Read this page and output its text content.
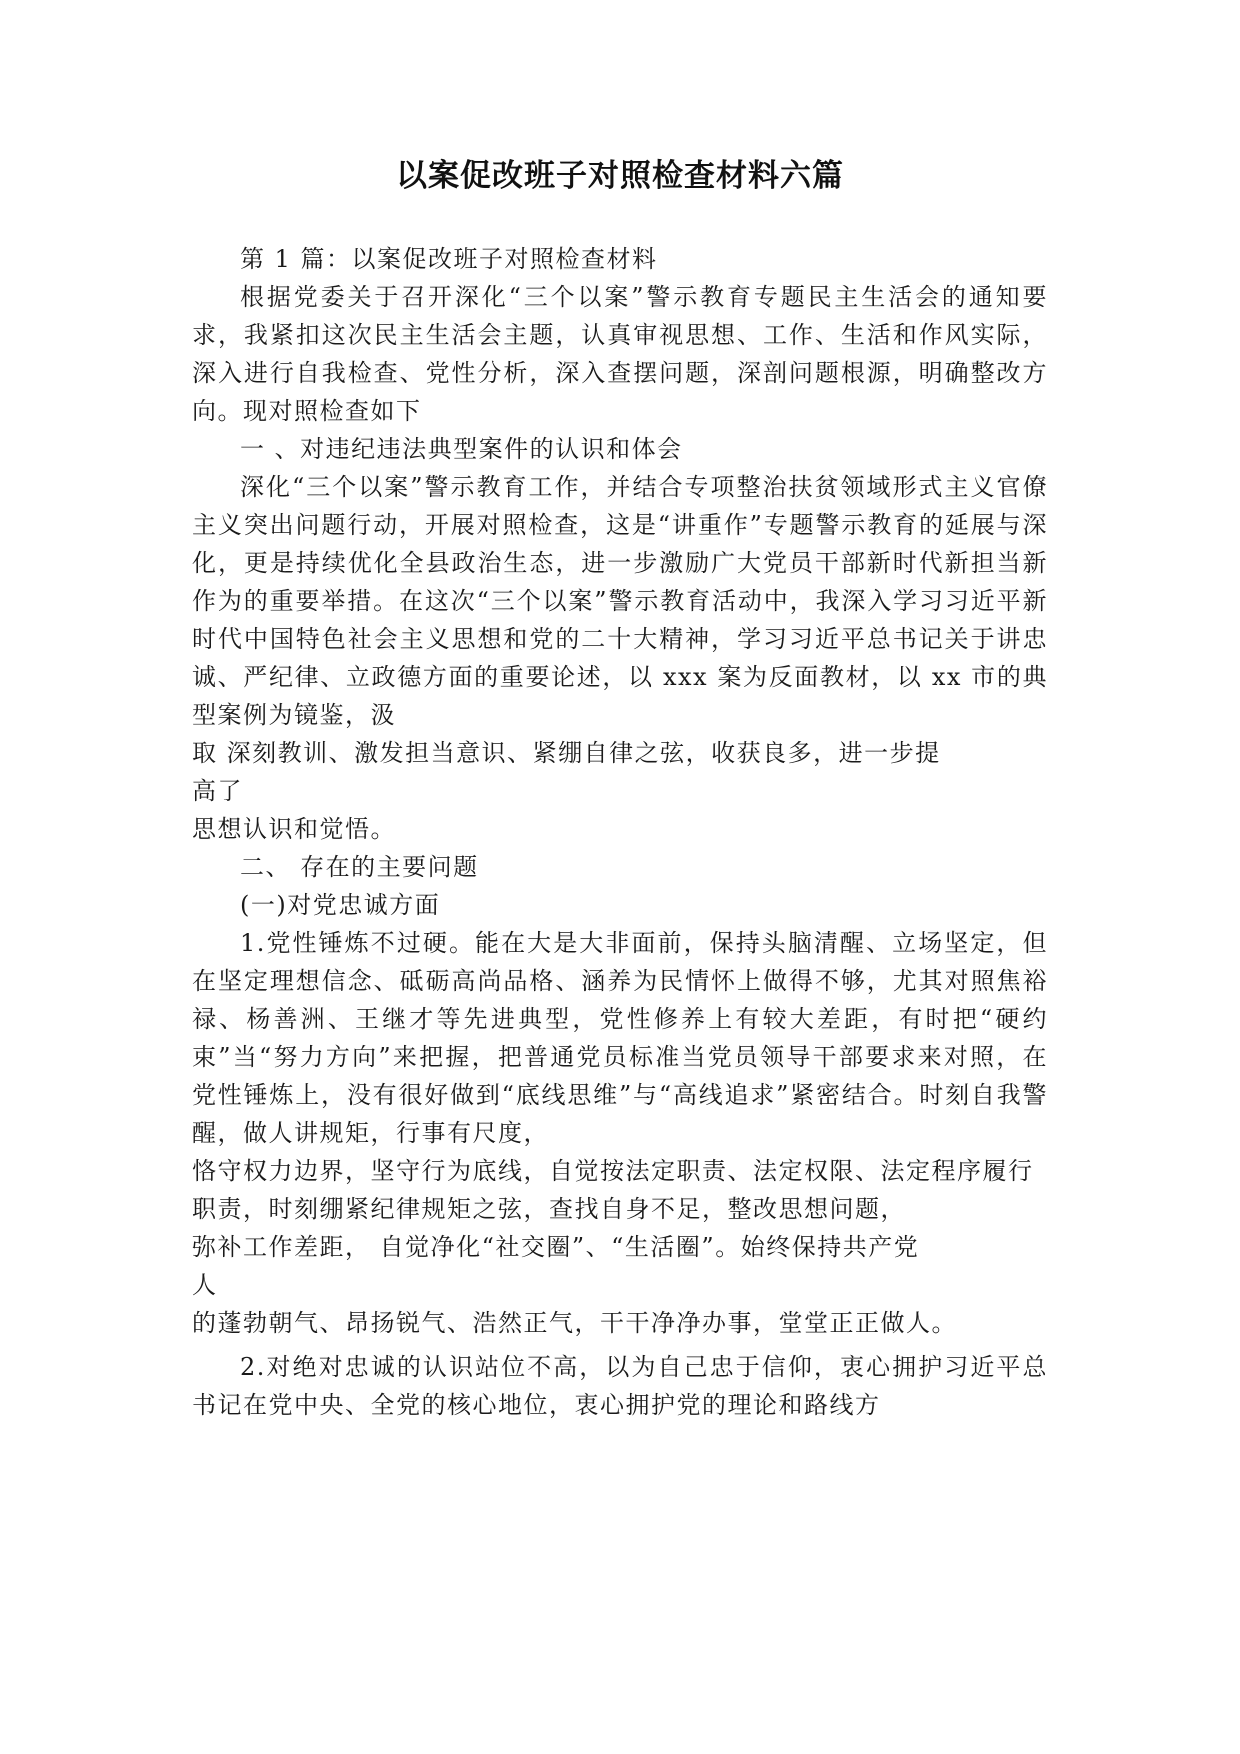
以案促改班子对照检查材料六篇

第 1 篇：以案促改班子对照检查材料

根据党委关于召开深化“三个以案”警示教育专题民主生活会的通知要求，我紧扣这次民主生活会主题，认真审视思想、工作、生活和作风实际，深入进行自我检查、党性分析，深入查摆问题，深剖问题根源，明确整改方向。现对照检查如下

一 、对违纪违法典型案件的认识和体会

深化“三个以案”警示教育工作，并结合专项整治扶贫领域形式主义官僚主义突出问题行动，开展对照检查，这是“讲重作”专题警示教育的延展与深化，更是持续优化全县政治生态，进一步激励广大党员干部新时代新担当新作为的重要举措。在这次“三个以案”警示教育活动中，我深入学习习近平新时代中国特色社会主义思想和党的二十大精神，学习习近平总书记关于讲忠诚、严纪律、立政德方面的重要论述，以 xxx 案为反面教材，以 xx 市的典型案例为镜鉴，汲

取 深刻教训、激发担当意识、紧绷自律之弦，收获良多，进一步提

高了

思想认识和觉悟。

二、 存在的主要问题

(一)对党忠诚方面

1.党性锤炼不过硬。能在大是大非面前，保持头脑清醒、立场坚定，但在坚定理想信念、砥砺高尚品格、涵养为民情怀上做得不够，尤其对照焦裕禄、杨善洲、王继才等先进典型，党性修养上有较大差距，有时把“硬约束”当“努力方向”来把握，把普通党员标准当党员领导干部要求来对照，在党性锤炼上，没有很好做到“底线思维”与“高线追求”紧密结合。时刻自我警醒，做人讲规矩，行事有尺度，

恪守权力边界，坚守行为底线，自觉按法定职责、法定权限、法定程序履行职责，时刻绷紧纪律规矩之弦，查找自身不足，整改思想问题，

弥补工作差距， 自觉净化“社交圈”、“生活圈”。始终保持共产党

人

的蓬勃朝气、昂扬锐气、浩然正气，干干净净办事，堂堂正正做人。

2.对绝对忠诚的认识站位不高，以为自己忠于信仰，衷心拥护习近平总书记在党中央、全党的核心地位，衷心拥护党的理论和路线方
